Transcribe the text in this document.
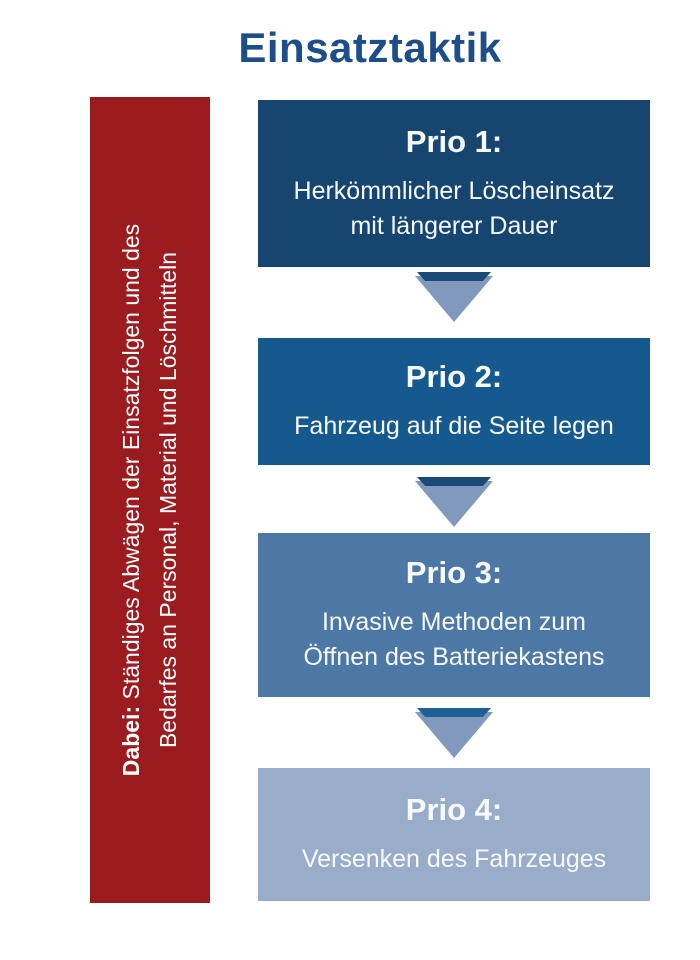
Einsatztaktik
Dabei: Ständiges Abwägen der Einsatzfolgen und des Bedarfes an Personal, Material und Löschmitteln
Prio 1:
Herkömmlicher Löscheinsatz
mit längerer Dauer
Prio 2:
Fahrzeug auf die Seite legen
Prio 3:
Invasive Methoden zum
Öffnen des Batteriekastens
Prio 4:
Versenken des Fahrzeuges
